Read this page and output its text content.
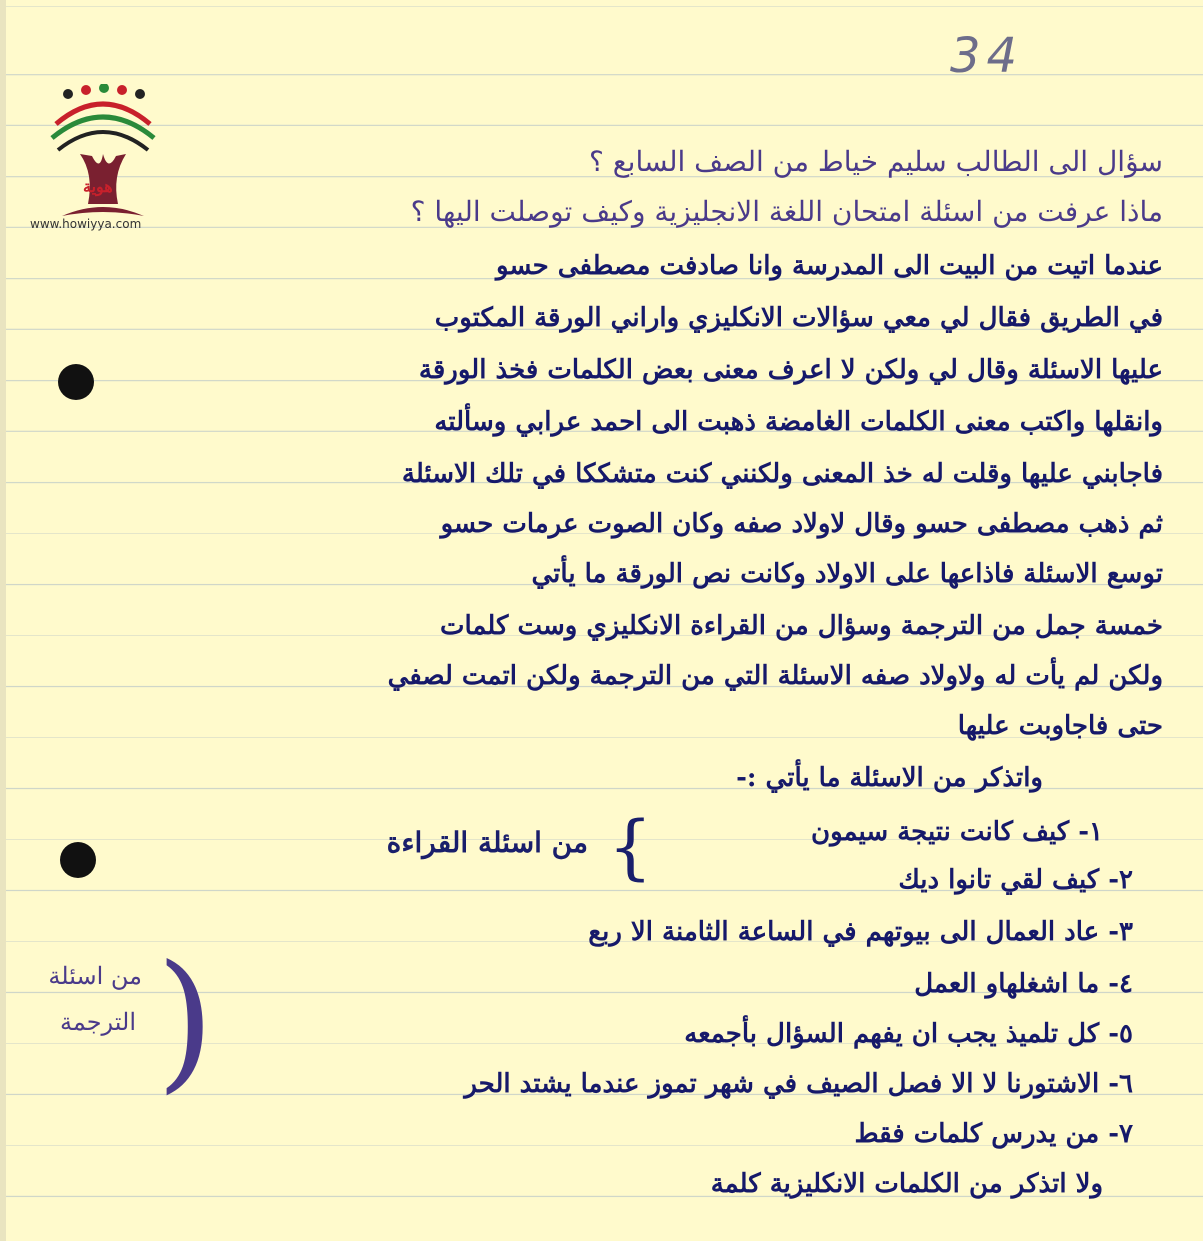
34
هوية
www.howiyya.com
سؤال الى الطالب سليم خياط من الصف السابع ؟
ماذا عرفت من اسئلة امتحان اللغة الانجليزية وكيف توصلت اليها ؟
عندما اتيت من البيت الى المدرسة وانا صادفت مصطفى حسو
في الطريق فقال لي معي سؤالات الانكليزي واراني الورقة المكتوب
عليها الاسئلة وقال لي ولكن لا اعرف معنى بعض الكلمات فخذ الورقة
وانقلها واكتب معنى الكلمات الغامضة ذهبت الى احمد عرابي وسألته
فاجابني عليها وقلت له خذ المعنى ولكنني كنت متشككا في تلك الاسئلة
ثم ذهب مصطفى حسو وقال لاولاد صفه وكان الصوت عرمات حسو
توسع الاسئلة فاذاعها على الاولاد وكانت نص الورقة ما يأتي
خمسة جمل من الترجمة وسؤال من القراءة الانكليزي وست كلمات
ولكن لم يأت له ولاولاد صفه الاسئلة التي من الترجمة ولكن اتمت لصفي
حتى فاجاوبت عليها
واتذكر من الاسئلة ما يأتي :-
١- كيف كانت نتيجة سيمون
٢- كيف لقي تانوا ديك
٣- عاد العمال الى بيوتهم في الساعة الثامنة الا ربع
٤- ما اشغلهاو العمل
٥- كل تلميذ يجب ان يفهم السؤال بأجمعه
٦- الاشتورنا لا الا فصل الصيف في شهر تموز عندما يشتد الحر
٧- من يدرس كلمات فقط
ولا اتذكر من الكلمات الانكليزية كلمة
}
من اسئلة القراءة
(
من اسئلة
الترجمة
